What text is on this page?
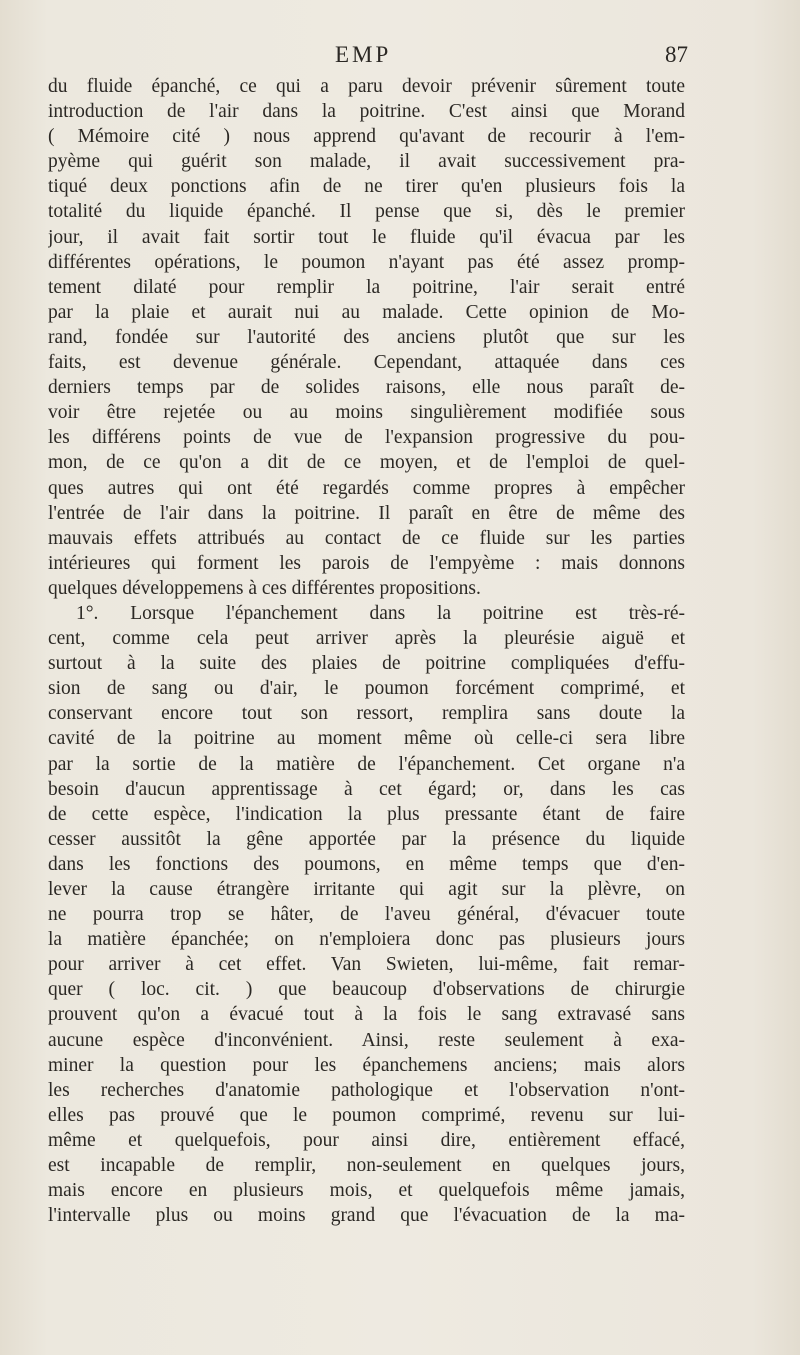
EMP	87
du fluide épanché, ce qui a paru devoir prévenir sûrement toute
introduction de l'air dans la poitrine. C'est ainsi que Morand
( Mémoire cité ) nous apprend qu'avant de recourir à l'em-
pyème qui guérit son malade, il avait successivement pra-
tiqué deux ponctions afin de ne tirer qu'en plusieurs fois la
totalité du liquide épanché. Il pense que si, dès le premier
jour, il avait fait sortir tout le fluide qu'il évacua par les
différentes opérations, le poumon n'ayant pas été assez promp-
tement dilaté pour remplir la poitrine, l'air serait entré
par la plaie et aurait nui au malade. Cette opinion de Mo-
rand, fondée sur l'autorité des anciens plutôt que sur les
faits, est devenue générale. Cependant, attaquée dans ces
derniers temps par de solides raisons, elle nous paraît de-
voir être rejetée ou au moins singulièrement modifiée sous
les différens points de vue de l'expansion progressive du pou-
mon, de ce qu'on a dit de ce moyen, et de l'emploi de quel-
ques autres qui ont été regardés comme propres à empêcher
l'entrée de l'air dans la poitrine. Il paraît en être de même des
mauvais effets attribués au contact de ce fluide sur les parties
intérieures qui forment les parois de l'empyème : mais donnons
quelques développemens à ces différentes propositions.
1°. Lorsque l'épanchement dans la poitrine est très-ré-
cent, comme cela peut arriver après la pleurésie aiguë et
surtout à la suite des plaies de poitrine compliquées d'effu-
sion de sang ou d'air, le poumon forcément comprimé, et
conservant encore tout son ressort, remplira sans doute la
cavité de la poitrine au moment même où celle-ci sera libre
par la sortie de la matière de l'épanchement. Cet organe n'a
besoin d'aucun apprentissage à cet égard; or, dans les cas
de cette espèce, l'indication la plus pressante étant de faire
cesser aussitôt la gêne apportée par la présence du liquide
dans les fonctions des poumons, en même temps que d'en-
lever la cause étrangère irritante qui agit sur la plèvre, on
ne pourra trop se hâter, de l'aveu général, d'évacuer toute
la matière épanchée; on n'emploiera donc pas plusieurs jours
pour arriver à cet effet. Van Swieten, lui-même, fait remar-
quer ( loc. cit. ) que beaucoup d'observations de chirurgie
prouvent qu'on a évacué tout à la fois le sang extravasé sans
aucune espèce d'inconvénient. Ainsi, reste seulement à exa-
miner la question pour les épanchemens anciens; mais alors
les recherches d'anatomie pathologique et l'observation n'ont-
elles pas prouvé que le poumon comprimé, revenu sur lui-
même et quelquefois, pour ainsi dire, entièrement effacé,
est incapable de remplir, non-seulement en quelques jours,
mais encore en plusieurs mois, et quelquefois même jamais,
l'intervalle plus ou moins grand que l'évacuation de la ma-
